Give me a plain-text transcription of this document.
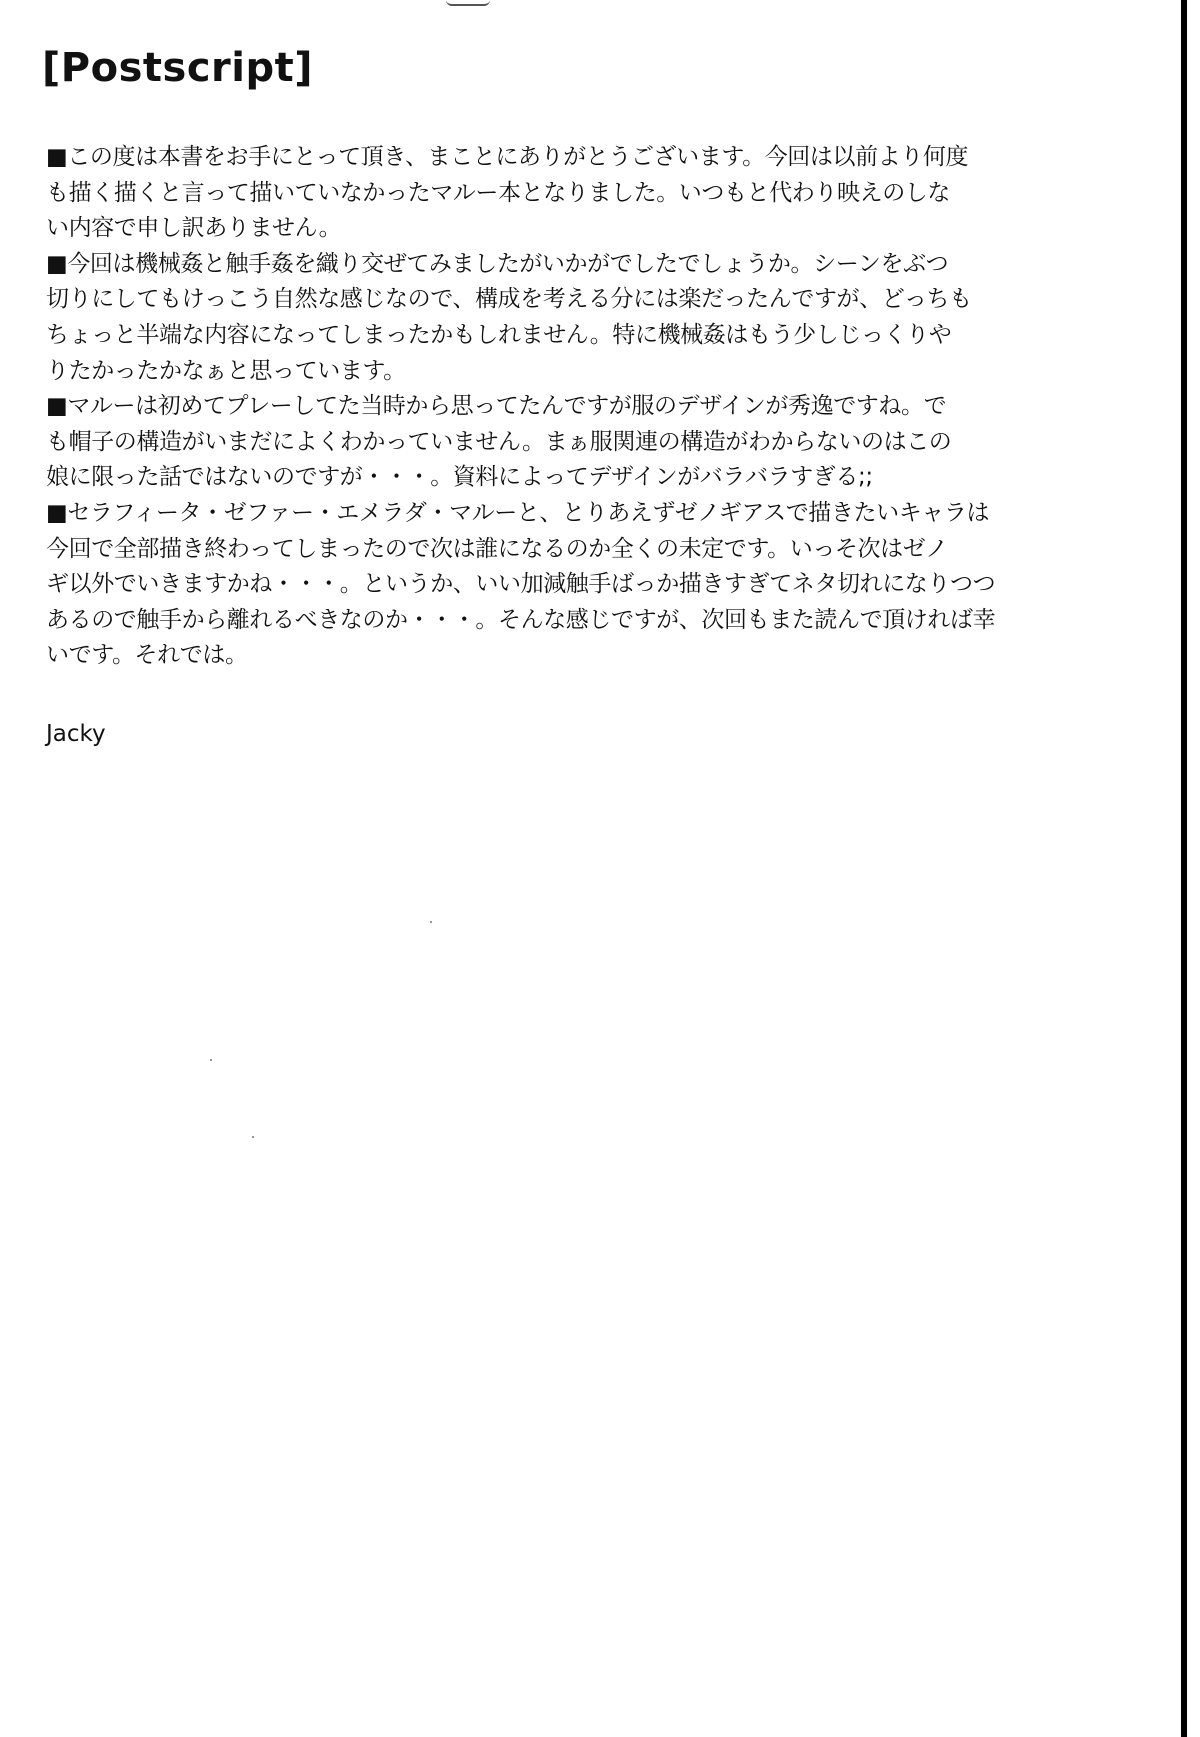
[Postscript]
■この度は本書をお手にとって頂き、まことにありがとうございます。今回は以前より何度
も描く描くと言って描いていなかったマルー本となりました。いつもと代わり映えのしな
い内容で申し訳ありません。
■今回は機械姦と触手姦を織り交ぜてみましたがいかがでしたでしょうか。シーンをぶつ
切りにしてもけっこう自然な感じなので、構成を考える分には楽だったんですが、どっちも
ちょっと半端な内容になってしまったかもしれません。特に機械姦はもう少しじっくりや
りたかったかなぁと思っています。
■マルーは初めてプレーしてた当時から思ってたんですが服のデザインが秀逸ですね。で
も帽子の構造がいまだによくわかっていません。まぁ服関連の構造がわからないのはこの
娘に限った話ではないのですが・・・。資料によってデザインがバラバラすぎる;;
■セラフィータ・ゼファー・エメラダ・マルーと、とりあえずゼノギアスで描きたいキャラは
今回で全部描き終わってしまったので次は誰になるのか全くの未定です。いっそ次はゼノ
ギ以外でいきますかね・・・。というか、いい加減触手ばっか描きすぎてネタ切れになりつつ
あるので触手から離れるべきなのか・・・。そんな感じですが、次回もまた読んで頂ければ幸
いです。それでは。
Jacky
